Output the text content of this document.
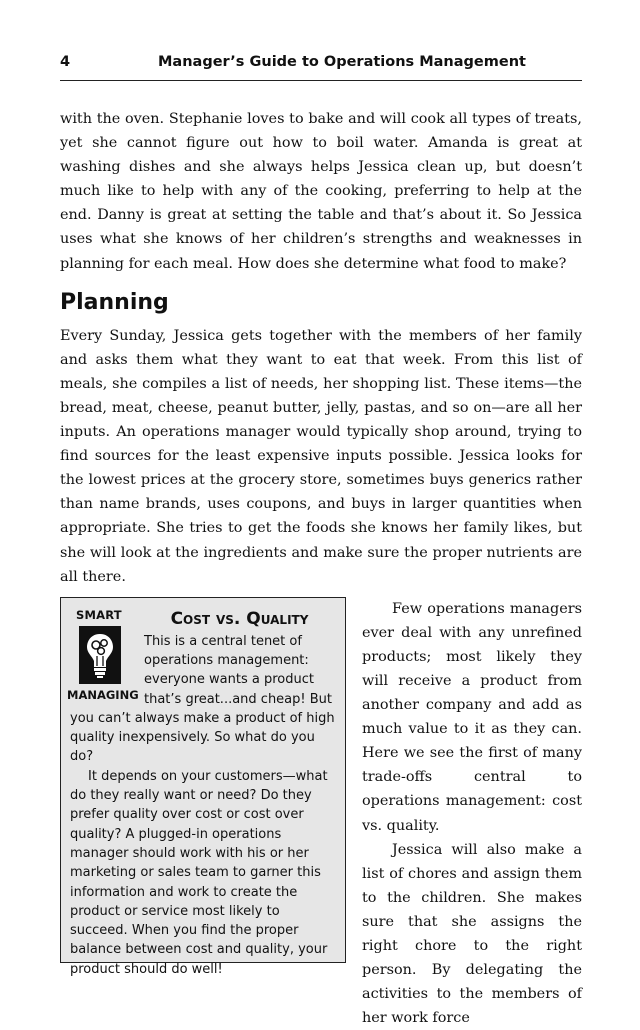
4	Manager’s Guide to Operations Management

with the oven. Stephanie loves to bake and will cook all types of treats, yet she cannot figure out how to boil water. Amanda is great at washing dishes and she always helps Jessica clean up, but doesn’t much like to help with any of the cooking, preferring to help at the end. Danny is great at setting the table and that’s about it. So Jessica uses what she knows of her children’s strengths and weaknesses in planning for each meal. How does she determine what food to make?

Planning

Every Sunday, Jessica gets together with the members of her family and asks them what they want to eat that week. From this list of meals, she compiles a list of needs, her shopping list. These items—the bread, meat, cheese, peanut butter, jelly, pastas, and so on—are all her inputs. An operations manager would typically shop around, trying to find sources for the least expensive inputs possible. Jessica looks for the lowest prices at the grocery store, sometimes buys generics rather than name brands, uses coupons, and buys in larger quantities when appropriate. She tries to get the foods she knows her family likes, but she will look at the ingredients and make sure the proper nutrients are all there.

SMART
MANAGING
Cost vs. Quality

This is a central tenet of operations management: everyone wants a product that’s great...and cheap! But you can’t always make a product of high quality inexpensively. So what do you do?

It depends on your customers—what do they really want or need? Do they prefer quality over cost or cost over quality? A plugged-in operations manager should work with his or her marketing or sales team to garner this information and work to create the product or service most likely to succeed. When you find the proper balance between cost and quality, your product should do well!

Few operations managers ever deal with any unrefined products; most likely they will receive a product from another company and add as much value to it as they can. Here we see the first of many trade-offs central to operations management: cost vs. quality.

Jessica will also make a list of chores and assign them to the children. She makes sure that she assigns the right chore to the right person. By delegating the activities to the members of her work force
